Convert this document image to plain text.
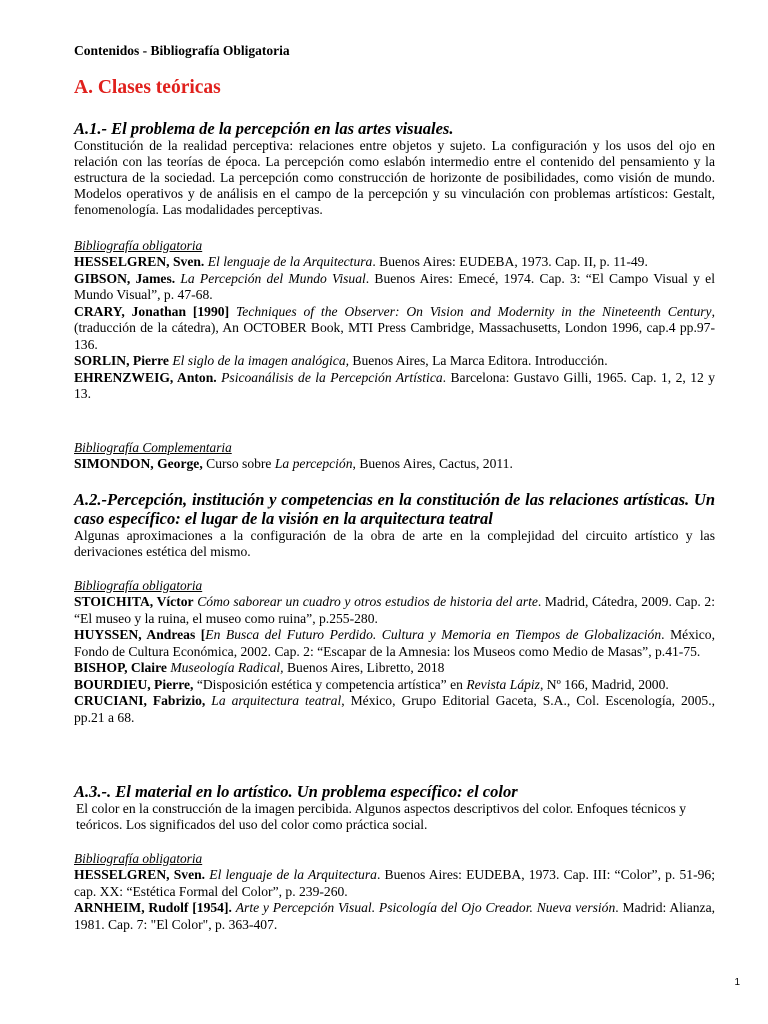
Contenidos - Bibliografía Obligatoria
A. Clases teóricas

A.1.- El problema de la percepción en las artes visuales.

Constitución de la realidad perceptiva: relaciones entre objetos y sujeto. La configuración y los usos del ojo en relación con las teorías de época. La percepción como eslabón intermedio entre el contenido del pensamiento y la estructura de la sociedad. La percepción como construcción de horizonte de posibilidades, como visión de mundo. Modelos operativos y de análisis en el campo de la percepción y su vinculación con problemas artísticos: Gestalt, fenomenología. Las modalidades perceptivas.

Bibliografía obligatoria

HESSELGREN, Sven. El lenguaje de la Arquitectura. Buenos Aires: EUDEBA, 1973. Cap. II, p. 11-49.

GIBSON, James. La Percepción del Mundo Visual. Buenos Aires: Emecé, 1974. Cap. 3: “El Campo Visual y el Mundo Visual”, p. 47-68.

CRARY, Jonathan [1990] Techniques of the Observer: On Vision and Modernity in the Nineteenth Century, (traducción de la cátedra), An OCTOBER Book, MTI Press Cambridge, Massachusetts, London 1996, cap.4 pp.97-136.

SORLIN, Pierre El siglo de la imagen analógica, Buenos Aires, La Marca Editora. Introducción.

EHRENZWEIG, Anton. Psicoanálisis de la Percepción Artística. Barcelona: Gustavo Gilli, 1965. Cap. 1, 2, 12 y 13.

Bibliografía Complementaria

SIMONDON, George, Curso sobre La percepción, Buenos Aires, Cactus, 2011.

A.2.-Percepción, institución y competencias en la constitución de las relaciones artísticas. Un caso específico: el lugar de la visión en la arquitectura teatral

Algunas aproximaciones a la configuración de la obra de arte en la complejidad del circuito artístico y las derivaciones estética del mismo.

Bibliografía obligatoria

STOICHITA, Víctor Cómo saborear un cuadro y otros estudios de historia del arte. Madrid, Cátedra, 2009. Cap. 2: “El museo y la ruina, el museo como ruina”, p.255-280.

HUYSSEN, Andreas [En Busca del Futuro Perdido. Cultura y Memoria en Tiempos de Globalización. México, Fondo de Cultura Económica, 2002. Cap. 2: “Escapar de la Amnesia: los Museos como Medio de Masas”, p.41-75.

BISHOP, Claire Museología Radical, Buenos Aires, Libretto, 2018

BOURDIEU, Pierre, “Disposición estética y competencia artística” en Revista Lápiz, Nº 166, Madrid, 2000.

CRUCIANI, Fabrizio, La arquitectura teatral, México, Grupo Editorial Gaceta, S.A., Col. Escenología, 2005., pp.21 a 68.

A.3.-. El material en lo artístico. Un problema específico: el color

El color en la construcción de la imagen percibida. Algunos aspectos descriptivos del color. Enfoques técnicos y teóricos. Los significados del uso del color como práctica social.

Bibliografía obligatoria

HESSELGREN, Sven. El lenguaje de la Arquitectura. Buenos Aires: EUDEBA, 1973. Cap. III: “Color”, p. 51-96; cap. XX: “Estética Formal del Color”, p. 239-260.

ARNHEIM, Rudolf [1954]. Arte y Percepción Visual. Psicología del Ojo Creador. Nueva versión. Madrid: Alianza, 1981. Cap. 7: "El Color", p. 363-407.

1
